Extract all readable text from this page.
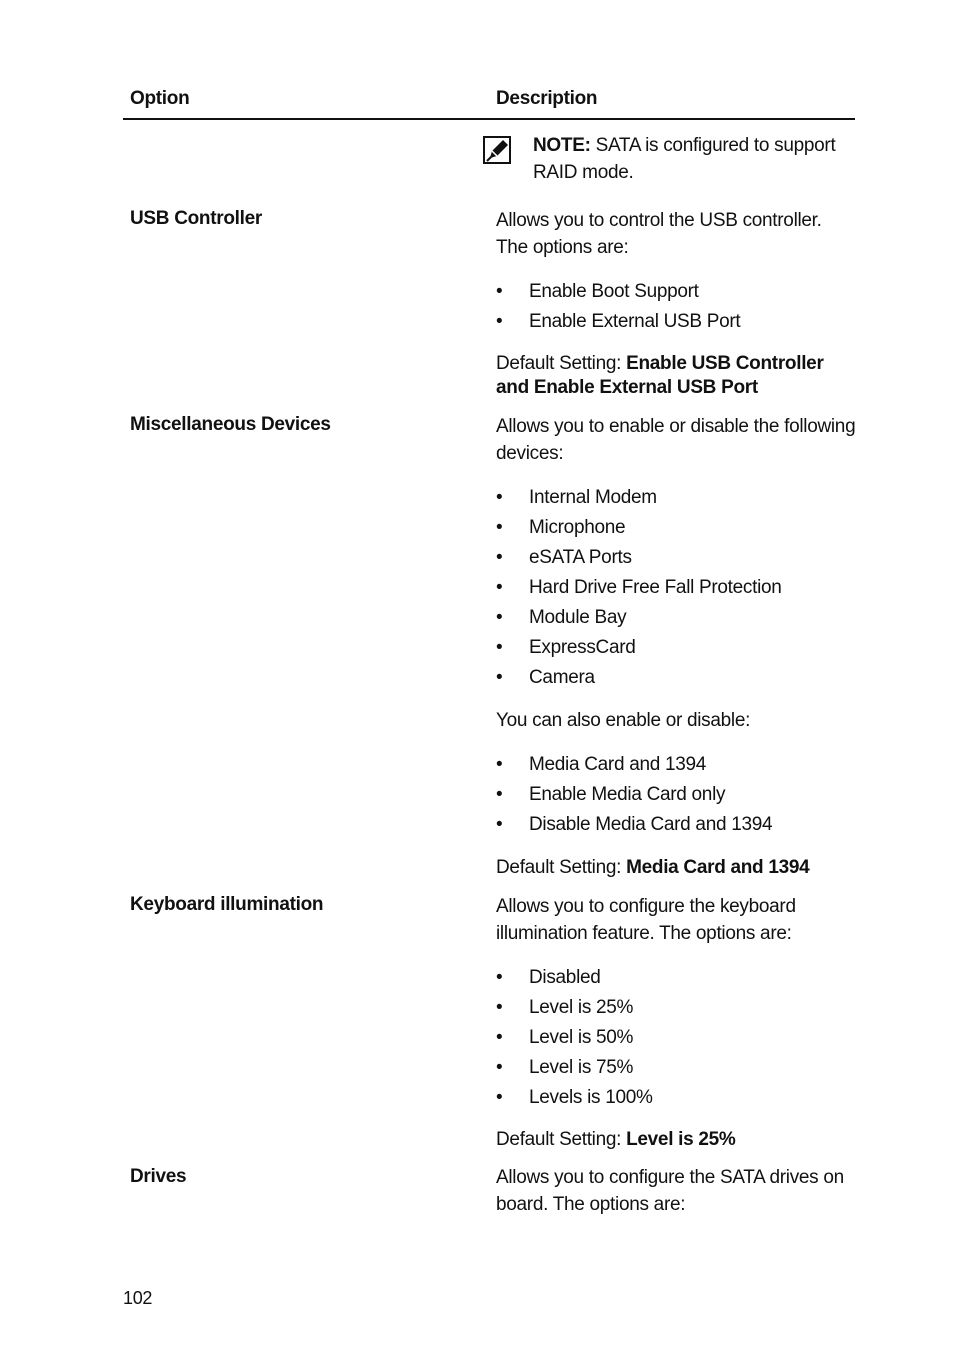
Option	Description
NOTE: SATA is configured to support RAID mode.
USB Controller	Allows you to control the USB controller. The options are:
• Enable Boot Support
• Enable External USB Port
Default Setting: Enable USB Controller and Enable External USB Port
Miscellaneous Devices	Allows you to enable or disable the following devices:
• Internal Modem
• Microphone
• eSATA Ports
• Hard Drive Free Fall Protection
• Module Bay
• ExpressCard
• Camera
You can also enable or disable:
• Media Card and 1394
• Enable Media Card only
• Disable Media Card and 1394
Default Setting: Media Card and 1394
Keyboard illumination	Allows you to configure the keyboard illumination feature. The options are:
• Disabled
• Level is 25%
• Level is 50%
• Level is 75%
• Levels is 100%
Default Setting: Level is 25%
Drives	Allows you to configure the SATA drives on board. The options are:
102
